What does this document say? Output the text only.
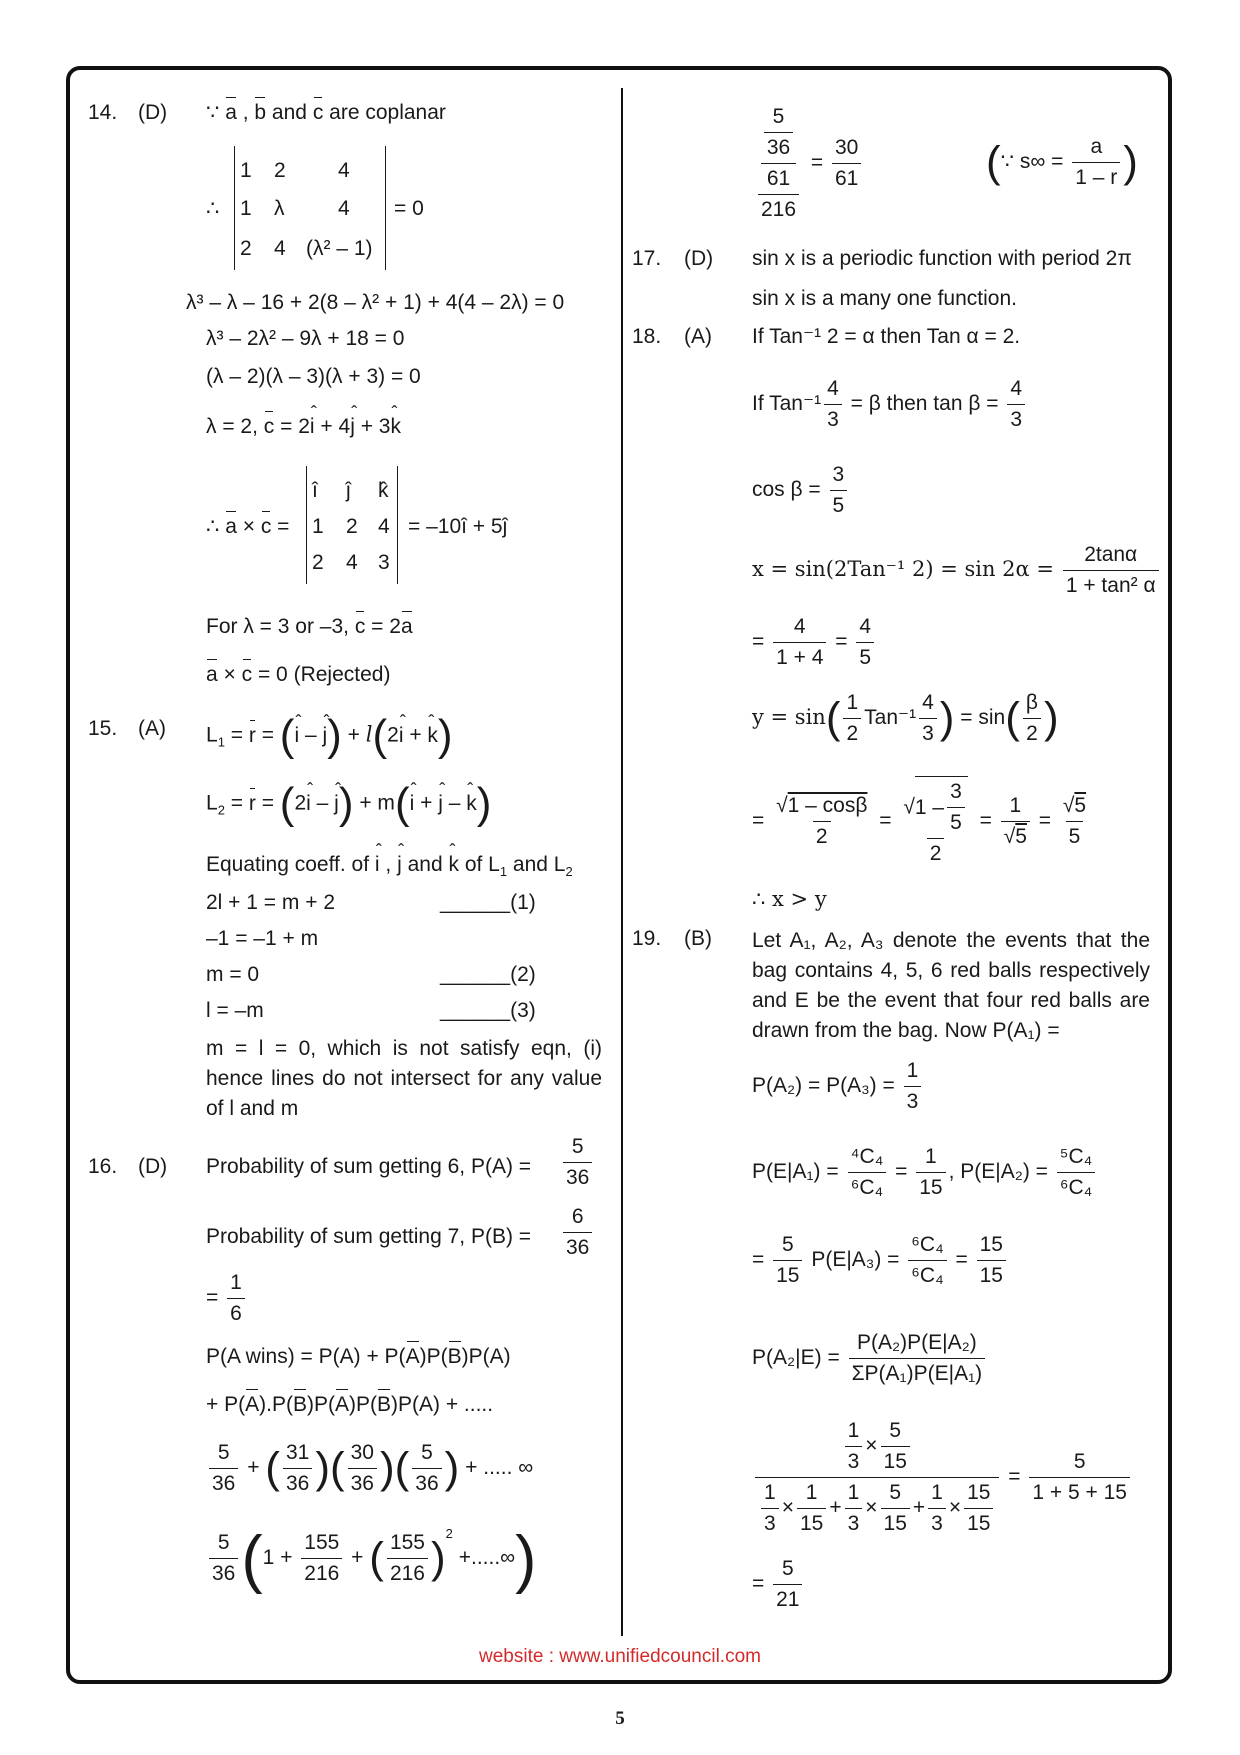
14. (D) ∵ a , b and c are coplanar
∴
1 2 4
1 λ	4
2 4 (λ² – 1)
= 0
λ³ – λ – 16 + 2(8 – λ² + 1) + 4(4 – 2λ) = 0
λ³ – 2λ² – 9λ + 18 = 0
(λ – 2)(λ – 3)(λ + 3) = 0
λ = 2, c = 2i ˆ + 4j ˆ + 3k ˆ
∴ a × c =
î ĵ k̂
1 2 4
2 4 3
= –10î + 5ĵ
For λ = 3 or –3, c = 2a
a × c = 0 (Rejected)
15. (A) $L_1 = r = (i$ ˆ – j ˆ) + l(2i ˆ + k ˆ)
$L_2 = r = (2i$ ˆ – j ˆ) + m(i ˆ + j ˆ – k ˆ)
Equating coeff. of i ˆ , j ˆ and k ˆ of $L_1$ and $L_2$
2l + 1 = m + 2	______(1)
–1 = –1 + m
m = 0	______(2)
l = –m	______(3)
m = l = 0, which is not satisfy eqn, (i) hence lines do not intersect for any value of l and m
16. (D) Probability of sum getting 6, $P(A) = \frac{5}{36}$
Probability of sum getting 7, $P(B) = \frac{6}{36}$
= $\frac{1}{6}$
P(A wins) = P(A) + P(A)P(B)P(A)
+ P(A).P(B)P(A)P(B)P(A) + .....
$\frac{5}{36}$ + ( $\frac{31}{36}$ )( $\frac{30}{36}$ )( $\frac{5}{36}$ ) + ..... ∞
$\frac{5}{36} (1 + \frac{155}{216}$ + ( $\frac{155}{216} )^2$ +.....∞)
$\frac{\frac{5}{36}}{\frac{61}{216}} = \frac{30}{61}$	(∵ $s\infty = \frac{a}{1 - r}$ )
17. (D) sin x is a periodic function with period 2π
sin x is a many one function.
18. (A) If Tan⁻¹ 2 = α then Tan α = 2.
If $Tan^{-1} \frac{4}{3} = \beta$ then $\tan \beta = \frac{4}{3}$
$\cos \beta = \frac{3}{5}$
x = sin(2Tan⁻¹ $2) = \sin 2\alpha = \frac{2\tan\alpha}{\text{1 + tan² α}}$
= $\frac{4}{1 + 4} = \frac{4}{5}$
$y = \sin( \frac{1}{2} Tan^{-1} \frac{4}{3}$ ) = $\sin( \frac{\beta}{2}$ )
= $\frac{√1 - \cos\beta}{2} = \frac{√ 1 - \frac{3}{5}}{2} = \frac{1}{√5} = \frac{√5}{5}$
∴ x > y
19. (B) Let A₁, A₂, A₃ denote the events that the bag contains 4, 5, 6 red balls respectively and E be the event that four red balls are drawn from the bag. Now P(A₁) =
$P(A_2) = P(A_3) = \frac{1}{3}$
$P(E|A_1) = \frac{\text{⁴C₄}}{\text{⁶C₄}} = \frac{1}{15}$ , $P(E|A_2) = \frac{\text{⁵C₄}}{\text{⁶C₄}}$
= $\frac{5}{15} P(E|A_3) = \frac{\text{⁶C₄}}{\text{⁶C₄}} = \frac{15}{15}$
$P(A_2|E) = \frac{\text{P(A₂)P(E|A₂)}}{\text{ΣP(A₁)P(E|A₁)}}$
$\frac{\frac{1}{3} \times \frac{5}{15}}{\frac{1}{3} \times \frac{1}{15} + \frac{1}{3} \times \frac{5}{15} + \frac{1}{3} \times \frac{15}{15}} = \frac{5}{1 + 5 + 15}$
= $\frac{5}{21}$
website : www.unifiedcouncil.com
5
